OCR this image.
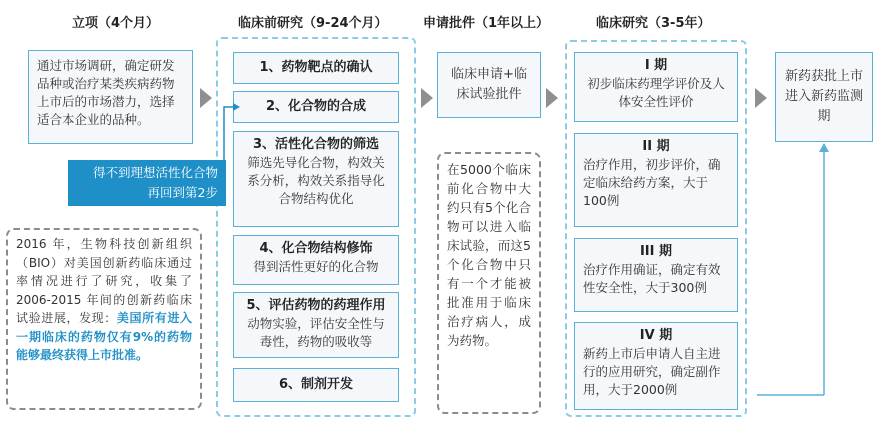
立项（4个月）	临床前研究（9-24个月）	申请批件（1年以上）	临床研究（3-5年）
通过市场调研，确定研发品种或治疗某类疾病药物上市后的市场潜力，选择适合本企业的品种。
1、药物靶点的确认
2、化合物的合成
3、活性化合物的筛选
筛选先导化合物，构效关系分析，构效关系指导化合物结构优化
4、化合物结构修饰
得到活性更好的化合物
5、评估药物的药理作用
动物实验，评估安全性与毒性，药物的吸收等
6、制剂开发
得不到理想活性化合物
再回到第2步
2016 年，生物科技创新组织（BIO）对美国创新药临床通过率情况进行了研究，收集了2006-2015 年间的创新药临床试验进展，发现：美国所有进入一期临床的药物仅有9%的药物能够最终获得上市批准。
临床申请+临床试验批件
在5000个临床前化合物中大约只有5个化合物可以进入临床试验，而这5个化合物中只有一个才能被批准用于临床治疗病人，成为药物。
I 期
初步临床药理学评价及人体安全性评价
II 期
治疗作用，初步评价，确定临床给药方案，大于100例
III 期
治疗作用确证，确定有效性安全性，大于300例
IV 期
新药上市后申请人自主进行的应用研究，确定副作用，大于2000例
新药获批上市进入新药监测期
